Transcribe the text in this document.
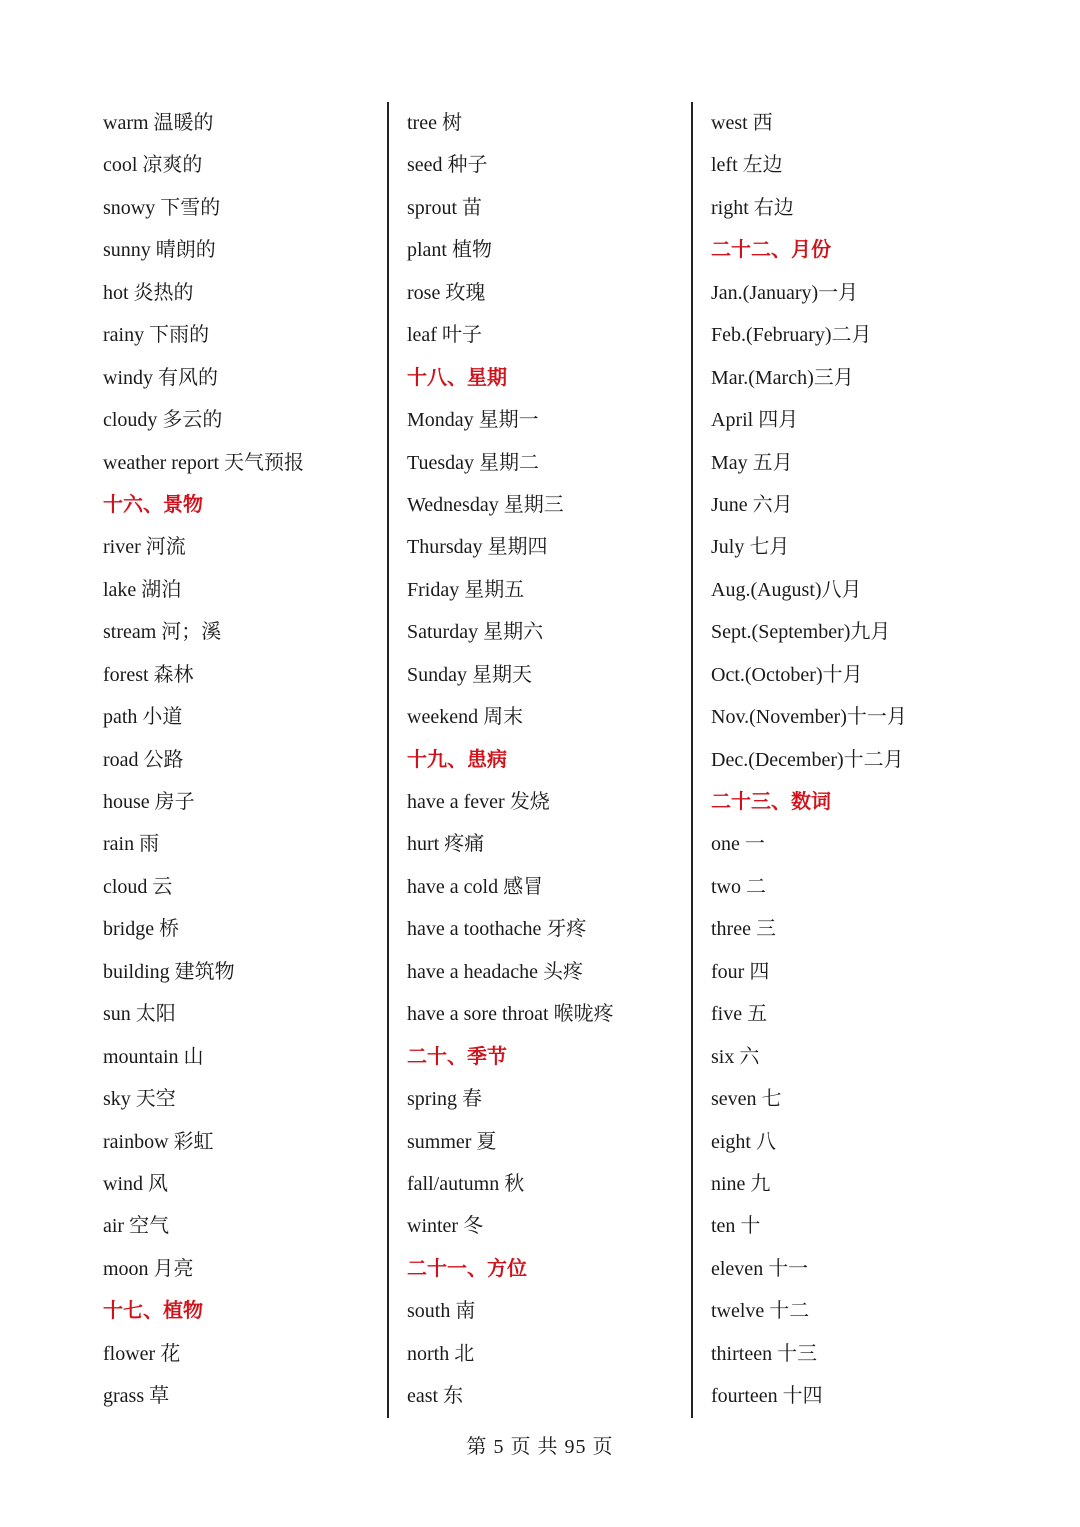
warm 温暖的
cool 凉爽的
snowy 下雪的
sunny 晴朗的
hot 炎热的
rainy 下雨的
windy 有风的
cloudy 多云的
weather report 天气预报
十六、景物
river 河流
lake 湖泊
stream 河；溪
forest 森林
path 小道
road 公路
house 房子
rain 雨
cloud 云
bridge 桥
building 建筑物
sun 太阳
mountain 山
sky 天空
rainbow 彩虹
wind 风
air 空气
moon 月亮
十七、植物
flower 花
grass 草
tree 树
seed 种子
sprout 苗
plant 植物
rose 玫瑰
leaf 叶子
十八、星期
Monday 星期一
Tuesday 星期二
Wednesday 星期三
Thursday 星期四
Friday 星期五
Saturday 星期六
Sunday 星期天
weekend 周末
十九、患病
have a fever 发烧
hurt 疼痛
have a cold 感冒
have a toothache 牙疼
have a headache 头疼
have a sore throat 喉咙疼
二十、季节
spring 春
summer 夏
fall/autumn 秋
winter 冬
二十一、方位
south 南
north 北
east 东
west 西
left 左边
right 右边
二十二、月份
Jan.(January)一月
Feb.(February)二月
Mar.(March)三月
April 四月
May 五月
June 六月
July 七月
Aug.(August)八月
Sept.(September)九月
Oct.(October)十月
Nov.(November)十一月
Dec.(December)十二月
二十三、数词
one 一
two 二
three 三
four 四
five 五
six 六
seven 七
eight 八
nine 九
ten 十
eleven 十一
twelve 十二
thirteen 十三
fourteen 十四
第 5 页 共 95 页
